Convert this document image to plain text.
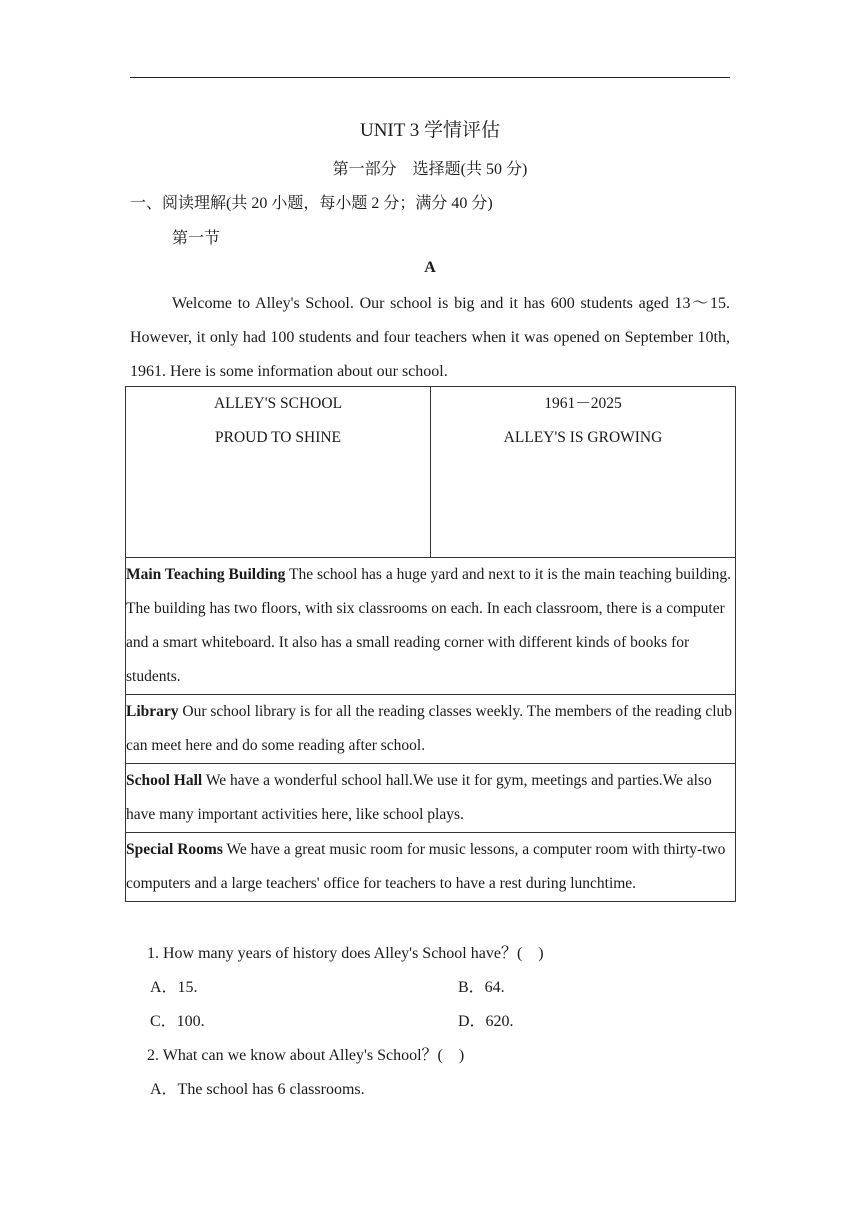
UNIT 3 学情评估
第一部分　选择题(共 50 分)
一、阅读理解(共 20 小题，每小题 2 分；满分 40 分)
第一节
A
Welcome to Alley's School. Our school is big and it has 600 students aged 13～15. However, it only had 100 students and four teachers when it was opened on September 10th, 1961. Here is some information about our school.
ALLEY'S SCHOOL
PROUD TO SHINE

1961－2025
ALLEY'S IS GROWING

Main Teaching Building The school has a huge yard and next to it is the main teaching building. The building has two floors, with six classrooms on each. In each classroom, there is a computer and a smart whiteboard. It also has a small reading corner with different kinds of books for students.
Library Our school library is for all the reading classes weekly. The members of the reading club can meet here and do some reading after school.
School Hall We have a wonderful school hall.We use it for gym, meetings and parties.We also have many important activities here, like school plays.
Special Rooms We have a great music room for music lessons, a computer room with thirty-two computers and a large teachers' office for teachers to have a rest during lunchtime.
1. How many years of history does Alley's School have？(　)
A．15.	B．64.
C．100.	D．620.
2. What can we know about Alley's School？(　)
A．The school has 6 classrooms.
